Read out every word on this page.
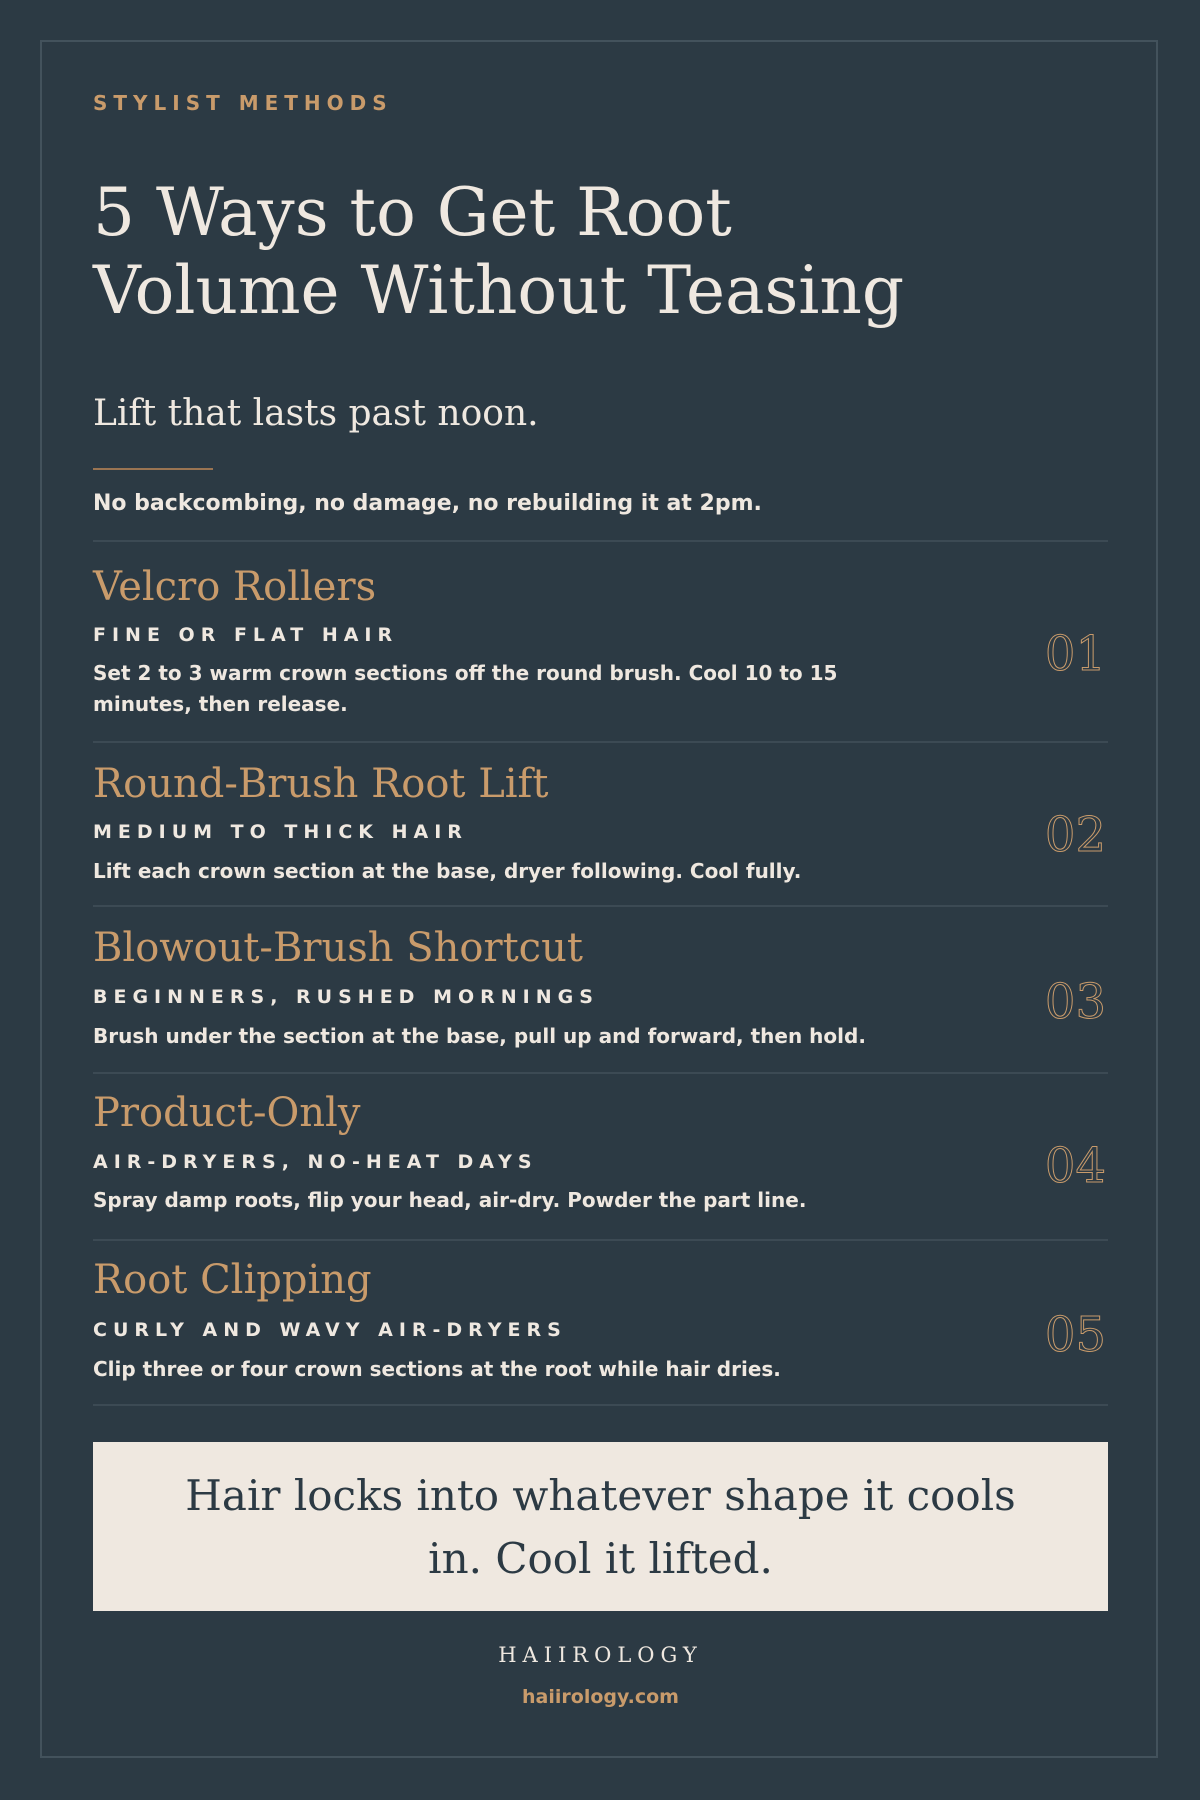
STYLIST METHODS
5 Ways to Get Root
Volume Without Teasing
Lift that lasts past noon.
No backcombing, no damage, no rebuilding it at 2pm.
Velcro Rollers
FINE OR FLAT HAIR
Set 2 to 3 warm crown sections off the round brush. Cool 10 to 15 minutes, then release.
01
Round-Brush Root Lift
MEDIUM TO THICK HAIR
Lift each crown section at the base, dryer following. Cool fully.
02
Blowout-Brush Shortcut
BEGINNERS, RUSHED MORNINGS
Brush under the section at the base, pull up and forward, then hold.
03
Product-Only
AIR-DRYERS, NO-HEAT DAYS
Spray damp roots, flip your head, air-dry. Powder the part line.
04
Root Clipping
CURLY AND WAVY AIR-DRYERS
Clip three or four crown sections at the root while hair dries.
05
Hair locks into whatever shape it cools in. Cool it lifted.
HAIIROLOGY
haiirology.com
